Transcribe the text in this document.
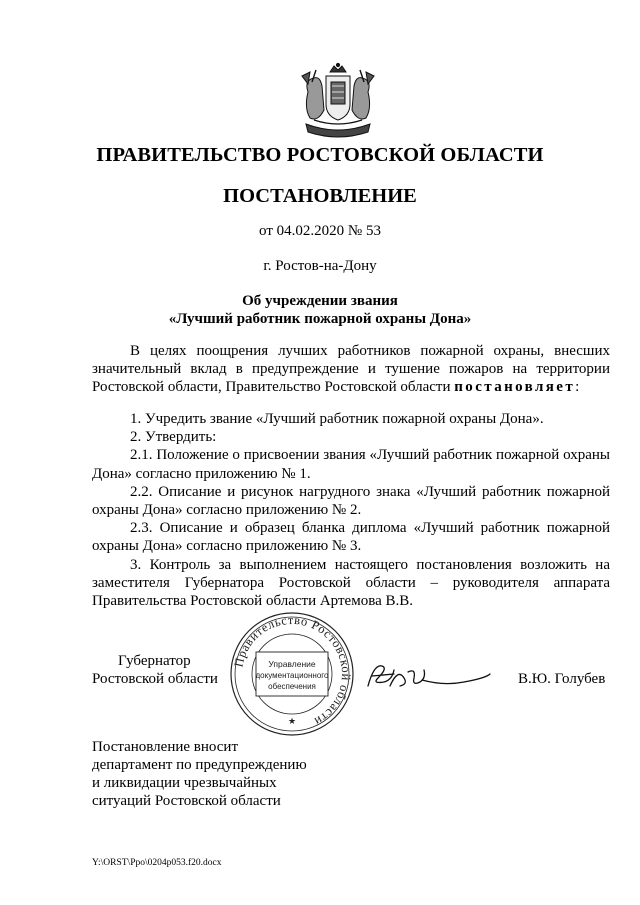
ПРАВИТЕЛЬСТВО РОСТОВСКОЙ ОБЛАСТИ
ПОСТАНОВЛЕНИЕ
от 04.02.2020 № 53
г. Ростов-на-Дону
Об учреждении звания
«Лучший работник пожарной охраны Дона»

В целях поощрения лучших работников пожарной охраны, внесших значительный вклад в предупреждение и тушение пожаров на территории Ростовской области, Правительство Ростовской области постановляет:

1. Учредить звание «Лучший работник пожарной охраны Дона».

2. Утвердить:

2.1. Положение о присвоении звания «Лучший работник пожарной охраны Дона» согласно приложению № 1.

2.2. Описание и рисунок нагрудного знака «Лучший работник пожарной охраны Дона» согласно приложению № 2.

2.3. Описание и образец бланка диплома «Лучший работник пожарной охраны Дона» согласно приложению № 3.

3. Контроль за выполнением настоящего постановления возложить на заместителя Губернатора Ростовской области – руководителя аппарата Правительства Ростовской области Артемова В.В.

Губернатор
Ростовской области	В.Ю. Голубев
Правительство Ростовской области
Управление
документационного
обеспечения
★
Постановление вносит
департамент по предупреждению
и ликвидации чрезвычайных
ситуаций Ростовской области
Y:\ORST\Ppo\0204p053.f20.docx
